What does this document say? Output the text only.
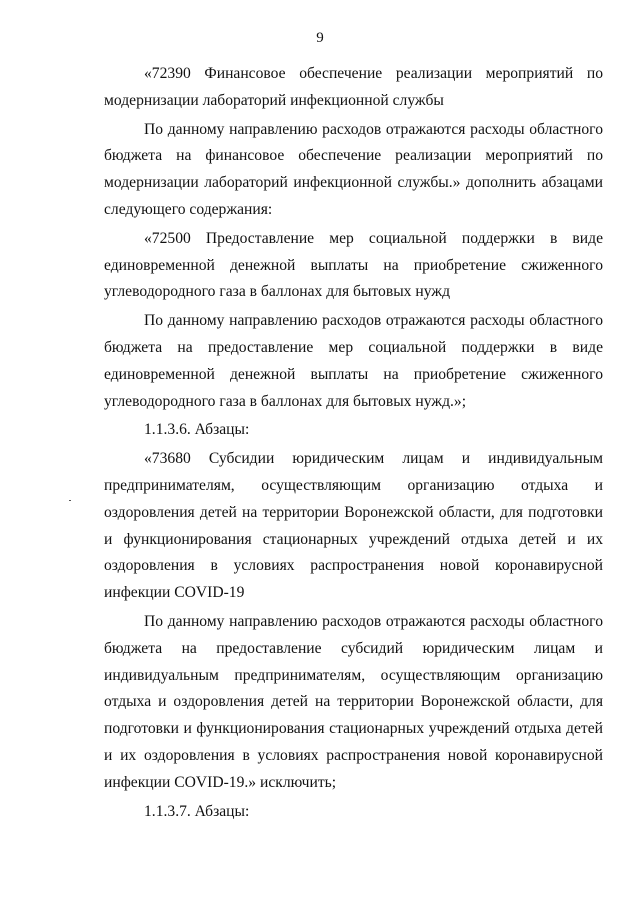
9

«72390 Финансовое обеспечение реализации мероприятий по модернизации лабораторий инфекционной службы

По данному направлению расходов отражаются расходы областного бюджета на финансовое обеспечение реализации мероприятий по модернизации лабораторий инфекционной службы.» дополнить абзацами следующего содержания:

«72500 Предоставление мер социальной поддержки в виде единовременной денежной выплаты на приобретение сжиженного углеводородного газа в баллонах для бытовых нужд

По данному направлению расходов отражаются расходы областного бюджета на предоставление мер социальной поддержки в виде единовременной денежной выплаты на приобретение сжиженного углеводородного газа в баллонах для бытовых нужд.»;

1.1.3.6. Абзацы:

«73680 Субсидии юридическим лицам и индивидуальным предпринимателям, осуществляющим организацию отдыха и оздоровления детей на территории Воронежской области, для подготовки и функционирования стационарных учреждений отдыха детей и их оздоровления в условиях распространения новой коронавирусной инфекции COVID-19

По данному направлению расходов отражаются расходы областного бюджета на предоставление субсидий юридическим лицам и индивидуальным предпринимателям, осуществляющим организацию отдыха и оздоровления детей на территории Воронежской области, для подготовки и функционирования стационарных учреждений отдыха детей и их оздоровления в условиях распространения новой коронавирусной инфекции COVID-19.» исключить;

1.1.3.7. Абзацы:
